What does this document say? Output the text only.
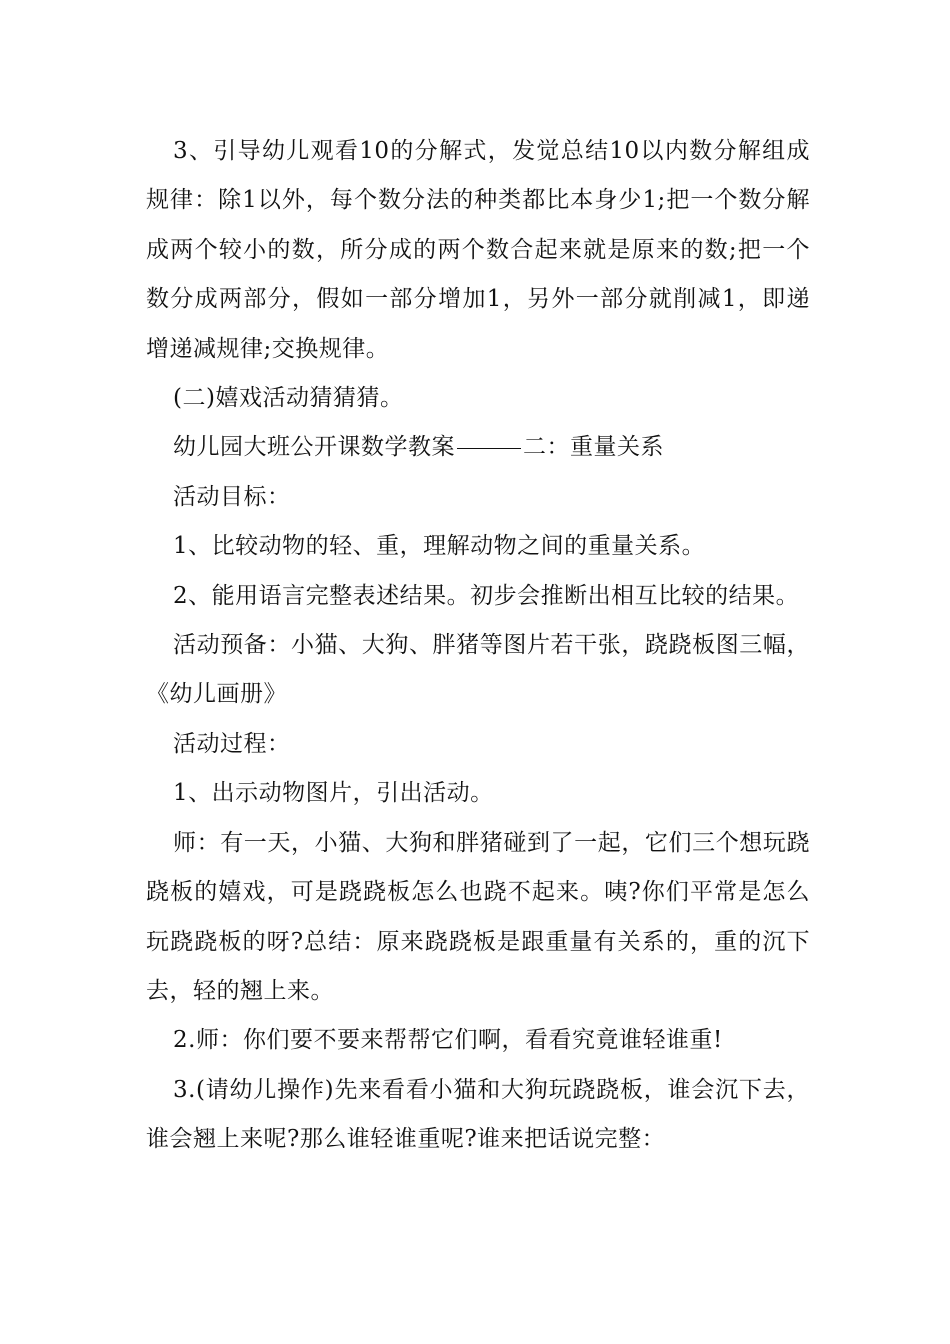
3、引导幼儿观看10的分解式，发觉总结10以内数分解组成规律：除1以外，每个数分法的种类都比本身少1;把一个数分解成两个较小的数，所分成的两个数合起来就是原来的数;把一个数分成两部分，假如一部分增加1，另外一部分就削减1，即递增递减规律;交换规律。

(二)嬉戏活动猜猜猜。

幼儿园大班公开课数学教案	二：重量关系

活动目标：

1、比较动物的轻、重，理解动物之间的重量关系。

2、能用语言完整表述结果。初步会推断出相互比较的结果。

活动预备：小猫、大狗、胖猪等图片若干张，跷跷板图三幅，《幼儿画册》

活动过程：

1、出示动物图片，引出活动。

师：有一天，小猫、大狗和胖猪碰到了一起，它们三个想玩跷跷板的嬉戏，可是跷跷板怎么也跷不起来。咦?你们平常是怎么玩跷跷板的呀?总结：原来跷跷板是跟重量有关系的，重的沉下去，轻的翘上来。

2.师：你们要不要来帮帮它们啊，看看究竟谁轻谁重!

3.(请幼儿操作)先来看看小猫和大狗玩跷跷板，谁会沉下去，谁会翘上来呢?那么谁轻谁重呢?谁来把话说完整：
